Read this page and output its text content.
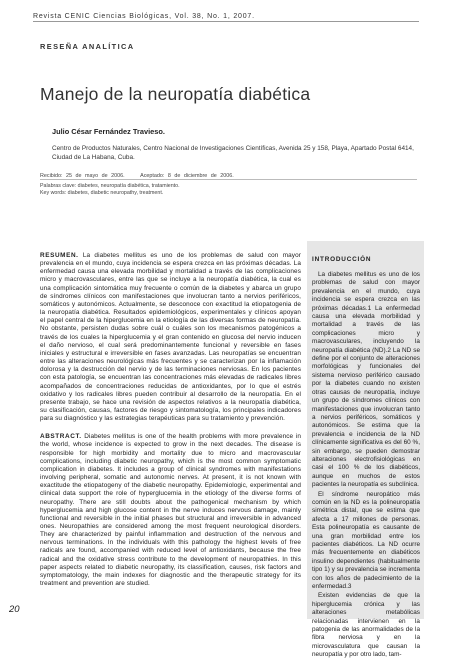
Revista CENIC Ciencias Biológicas, Vol. 38, No. 1, 2007.
RESEÑA ANALÍTICA
Manejo de la neuropatía diabética
Julio César Fernández Travieso.
Centro de Productos Naturales, Centro Nacional de Investigaciones Científicas, Avenida 25 y 158, Playa, Apartado Postal 6414, Ciudad de La Habana, Cuba.
Recibido: 25 de mayo de 2006.	Aceptado: 8 de diciembre de 2006.
Palabras clave: diabetes, neuropatía diabética, tratamiento.
Key words: diabetes, diabetic neuropathy, treatment.

RESUMEN. La diabetes mellitus es uno de los problemas de salud con mayor prevalencia en el mundo, cuya incidencia se espera crezca en las próximas décadas. La enfermedad causa una elevada morbilidad y mortalidad a través de las complicaciones micro y macrovasculares, entre las que se incluye a la neuropatía diabética, la cual es una complicación sintomática muy frecuente o común de la diabetes y abarca un grupo de síndromes clínicos con manifestaciones que involucran tanto a nervios periféricos, somáticos y autonómicos. Actualmente, se desconoce con exactitud la etiopatogenia de la neuropatía diabética. Resultados epidemiológicos, experimentales y clínicos apoyan el papel central de la hiperglucemia en la etiología de las diversas formas de neuropatía. No obstante, persisten dudas sobre cuál o cuáles son los mecanismos patogénicos a través de los cuales la hiperglucemia y el gran contenido en glucosa del nervio inducen el daño nervioso, el cual será predominantemente funcional y reversible en fases iniciales y estructural e irreversible en fases avanzadas. Las neuropatías se encuentran entre las alteraciones neurológicas más frecuentes y se caracterizan por la inflamación dolorosa y la destrucción del nervio y de las terminaciones nerviosas. En los pacientes con esta patología, se encuentran las concentraciones más elevadas de radicales libres acompañados de concentraciones reducidas de antioxidantes, por lo que el estrés oxidativo y los radicales libres pueden contribuir al desarrollo de la neuropatía. En el presente trabajo, se hace una revisión de aspectos relativos a la neuropatía diabética, su clasificación, causas, factores de riesgo y sintomatología, los principales indicadores para su diagnóstico y las estrategias terapéuticas para su tratamiento y prevención.

ABSTRACT. Diabetes mellitus is one of the health problems with more prevalence in the world, whose incidence is expected to grow in the next decades. The disease is responsible for high morbidity and mortality due to micro and macrovascular complications, including diabetic neuropathy, which is the most common symptomatic complication in diabetes. It includes a group of clinical syndromes with manifestations involving peripheral, somatic and autonomic nerves. At present, it is not known with exactitude the etiopatogeny of the diabetic neuropathy. Epidemiologic, experimental and clinical data support the role of hyperglucemia in the etiology of the diverse forms of neuropathy. There are still doubts about the pathogenical mechanism by which hyperglucemia and high glucose content in the nerve induces nervous damage, mainly functional and reversible in the initial phases but structural and irreversible in advanced ones. Neuropathies are considered among the most frequent neurological disorders. They are characterized by painful inflammation and destruction of the nervous and nervous terminations. In the individuals with this pathology the highest levels of free radicals are found, accompanied with reduced level of antioxidants, because the free radical and the oxidative stress contribute to the development of neuropathies. In this paper aspects related to diabetic neuropathy, its classification, causes, risk factors and symptomatology, the main indexes for diagnostic and the therapeutic strategy for its treatment and prevention are studied.

INTRODUCCIÓN

La diabetes mellitus es uno de los problemas de salud con mayor prevalencia en el mundo, cuya incidencia se espera crezca en las próximas décadas.1 La enfermedad causa una elevada morbilidad y mortalidad a través de las complicaciones micro y macrovasculares, incluyendo la neuropatía diabética (ND).2 La ND se define por el conjunto de alteraciones morfológicas y funcionales del sistema nervioso periférico causado por la diabetes cuando no existen otras causas de neuropatía, incluye un grupo de síndromes clínicos con manifestaciones que involucran tanto a nervios periféricos, somáticos y autonómicos. Se estima que la prevalencia e incidencia de la ND clínicamente significativa es del 60 %, sin embargo, se pueden demostrar alteraciones electrofisiológicas en casi el 100 % de los diabéticos, aunque en muchos de estos pacientes la neuropatía es subclínica.

El síndrome neuropático más común en la ND es la polineuropatía simétrica distal, que se estima que afecta a 17 millones de personas. Esta polineuropatía es causante de una gran morbilidad entre los pacientes diabéticos. La ND ocurre más frecuentemente en diabéticos insulino dependientes (habitualmente tipo 1) y su prevalencia se incrementa con los años de padecimiento de la enfermedad.3

Existen evidencias de que la hiperglucemia crónica y las alteraciones metabólicas relacionadas intervienen en la patogenia de las anormalidades de la fibra nerviosa y en la microvasculatura que causan la neuropatía y por otro lado, tam-

20
